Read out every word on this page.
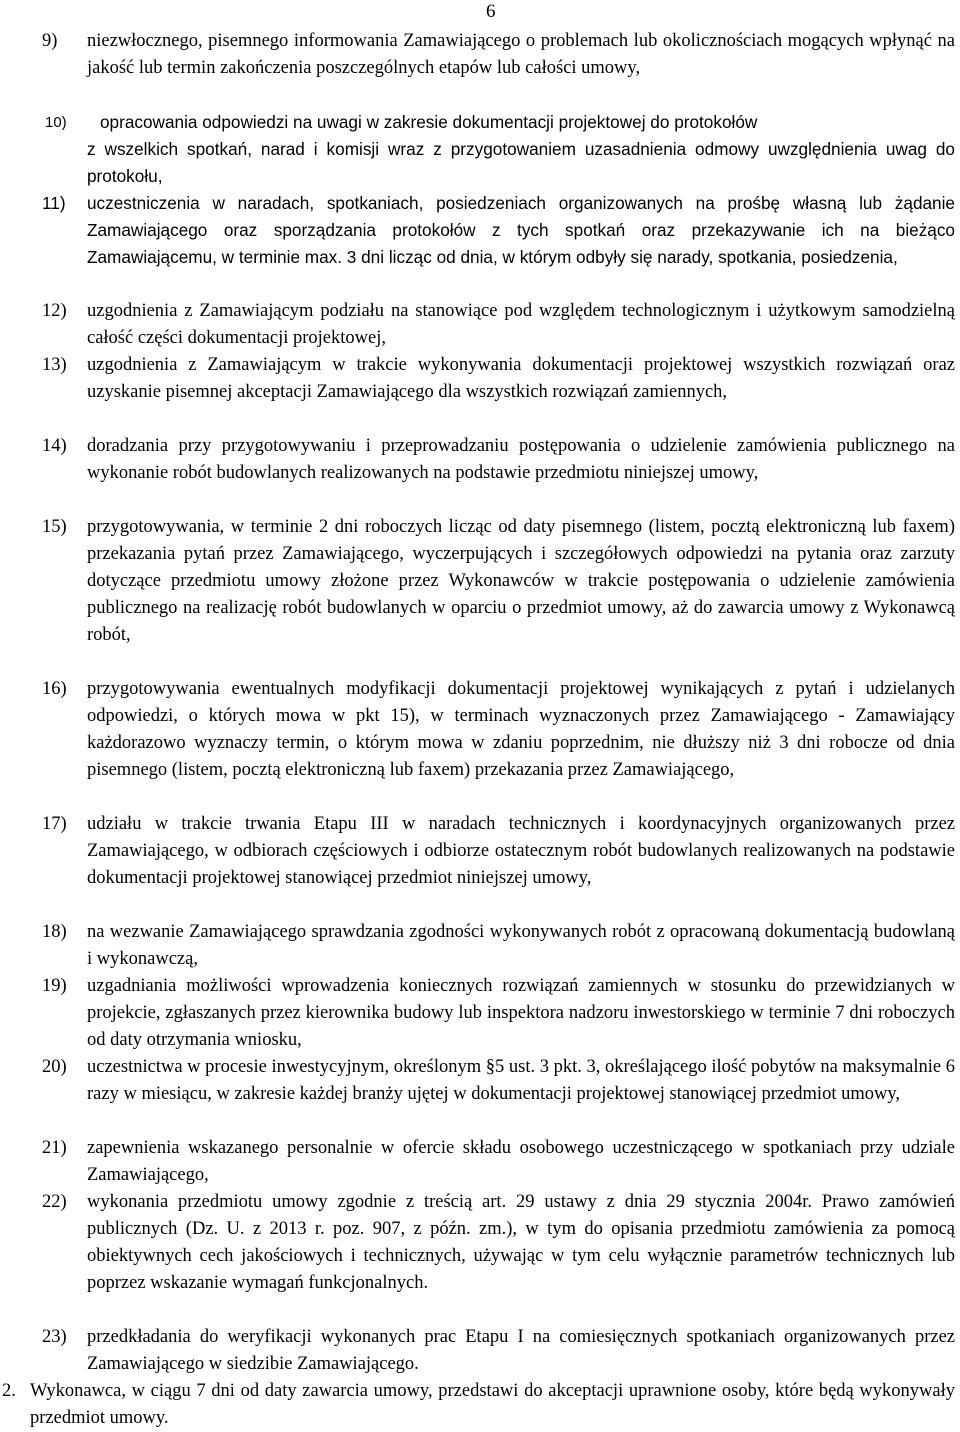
6
9) niezwłocznego, pisemnego informowania Zamawiającego o problemach lub okolicznościach mogących wpłynąć na jakość lub termin zakończenia poszczególnych etapów lub całości umowy,
10) opracowania odpowiedzi na uwagi w zakresie dokumentacji projektowej do protokołów
z wszelkich spotkań, narad i komisji wraz z przygotowaniem uzasadnienia odmowy uwzględnienia uwag do protokołu,
11) uczestniczenia w naradach, spotkaniach, posiedzeniach organizowanych na prośbę własną lub żądanie Zamawiającego oraz sporządzania protokołów z tych spotkań oraz przekazywanie ich na bieżąco Zamawiającemu, w terminie max. 3 dni licząc od dnia, w którym odbyły się narady, spotkania, posiedzenia,
12) uzgodnienia z Zamawiającym podziału na stanowiące pod względem technologicznym i użytkowym samodzielną całość części dokumentacji projektowej,
13) uzgodnienia z Zamawiającym w trakcie wykonywania dokumentacji projektowej wszystkich rozwiązań oraz uzyskanie pisemnej akceptacji Zamawiającego dla wszystkich rozwiązań zamiennych,
14) doradzania przy przygotowywaniu i przeprowadzaniu postępowania o udzielenie zamówienia publicznego na wykonanie robót budowlanych realizowanych na podstawie przedmiotu niniejszej umowy,
15) przygotowywania, w terminie 2 dni roboczych licząc od daty pisemnego (listem, pocztą elektroniczną lub faxem) przekazania pytań przez Zamawiającego, wyczerpujących i szczegółowych odpowiedzi na pytania oraz zarzuty dotyczące przedmiotu umowy złożone przez Wykonawców w trakcie postępowania o udzielenie zamówienia publicznego na realizację robót budowlanych w oparciu o przedmiot umowy, aż do zawarcia umowy z Wykonawcą robót,
16) przygotowywania ewentualnych modyfikacji dokumentacji projektowej wynikających z pytań i udzielanych odpowiedzi, o których mowa w pkt 15), w terminach wyznaczonych przez Zamawiającego - Zamawiający każdorazowo wyznaczy termin, o którym mowa w zdaniu poprzednim, nie dłuższy niż 3 dni robocze od dnia pisemnego (listem, pocztą elektroniczną lub faxem) przekazania przez Zamawiającego,
17) udziału w trakcie trwania Etapu III w naradach technicznych i koordynacyjnych organizowanych przez Zamawiającego, w odbiorach częściowych i odbiorze ostatecznym robót budowlanych realizowanych na podstawie dokumentacji projektowej stanowiącej przedmiot niniejszej umowy,
18) na wezwanie Zamawiającego sprawdzania zgodności wykonywanych robót z opracowaną dokumentacją budowlaną i wykonawczą,
19) uzgadniania możliwości wprowadzenia koniecznych rozwiązań zamiennych w stosunku do przewidzianych w projekcie, zgłaszanych przez kierownika budowy lub inspektora nadzoru inwestorskiego w terminie 7 dni roboczych od daty otrzymania wniosku,
20) uczestnictwa w procesie inwestycyjnym, określonym §5 ust. 3 pkt. 3, określającego ilość pobytów na maksymalnie 6 razy w miesiącu, w zakresie każdej branży ujętej w dokumentacji projektowej stanowiącej przedmiot umowy,
21) zapewnienia wskazanego personalnie w ofercie składu osobowego uczestniczącego w spotkaniach przy udziale Zamawiającego,
22) wykonania przedmiotu umowy zgodnie z treścią art. 29 ustawy z dnia 29 stycznia 2004r. Prawo zamówień publicznych (Dz. U. z 2013 r. poz. 907, z późn. zm.), w tym do opisania przedmiotu zamówienia za pomocą obiektywnych cech jakościowych i technicznych, używając w tym celu wyłącznie parametrów technicznych lub poprzez wskazanie wymagań funkcjonalnych.
23) przedkładania do weryfikacji wykonanych prac Etapu I na comiesięcznych spotkaniach organizowanych przez Zamawiającego w siedzibie Zamawiającego.
2. Wykonawca, w ciągu 7 dni od daty zawarcia umowy, przedstawi do akceptacji uprawnione osoby, które będą wykonywały przedmiot umowy.
